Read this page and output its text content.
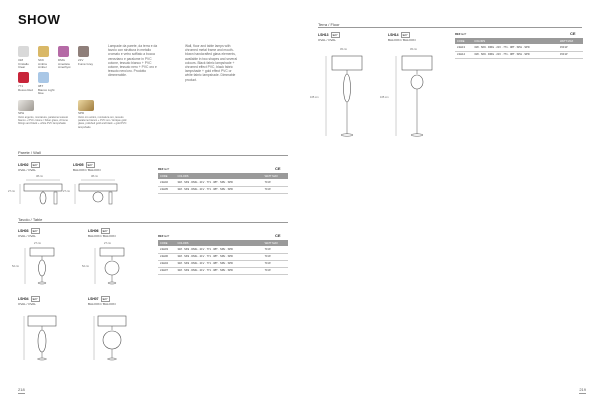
SHOW
318
Cristallo Clear
SK9
Ambra Amber
DMG
Ametista Amethyst
21V
Fumé Grey
771
Rosso Red
08T
Bianco Light blue
SPH
Vetro argento, montatura, paralume tessuto bianco + PVC cotone / Silver glass, chrome fittings and black + white PVC lampshade
SPD
Vetro oro antico, montatura oro, tessuto paralume bianco + PVC oro / Antique gold glass, polished gold and black + gold PVC lampshade
Lampade da parete, da terra e da tavolo con struttura in metallo cromato e vetro soffiato a bocca veneziano e paralume in PVC cotone, tessuto bianco + PVC cotone, tessuto nero + PVC oro e tessuto nero/oro. Prodotto dimmerabile.
Wall, floor and table lamps with chromed metal frame and mouth-blown handcrafted glass elements, available in two shapes and several colours. Black fabric lampshade + chromed effect PVC, black fabric lampshade + gold effect PVC or white fabric lampshade. Dimmable product.
Parete / Wall
LSH02 E27
OVAL / OVAL
LSH05 E27
BALOON / BALOON
38 cm
27 cm
38 cm
27 cm
REF E27	CE
CODE	COLORS	WATT MAX
LSH02	318 · SK9 · DMG · 21V · 771 · 08T · SPH · SPD	70 W
LSH05	318 · SK9 · DMG · 21V · 771 · 08T · SPH · SPD	70 W
Tavolo / Table
LSH03 E27
OVAL / OVAL
LSH06 E27
BALOON / BALOON
27 cm
52 cm
27 cm
52 cm
REF E27	CE
CODE	COLORS	WATT MAX
LSH03	318 · SK9 · DMG · 21V · 771 · 08T · SPH · SPD	70 W
LSH06	318 · SK9 · DMG · 21V · 771 · 08T · SPH · SPD	70 W
LSH04	318 · SK9 · DMG · 21V · 771 · 08T · SPH · SPD	70 W
LSH07	318 · SK9 · DMG · 21V · 771 · 08T · SPH · SPD	70 W
LSH04 E27
OVAL / OVAL
LSH07 E27
BALOON / BALOON
218
Terra / Floor
LSH13 E27
OVAL / OVAL
LSH14 E27
BALOON / BALOON
45 cm
165 cm
45 cm
165 cm
REF E27	CE
CODE	COLORS	WATT MAX
LSH13	318 · SK9 · DMG · 21V · 771 · 08T · SPH · SPD	150 W
LSH14	318 · SK9 · DMG · 21V · 771 · 08T · SPH · SPD	150 W
219
